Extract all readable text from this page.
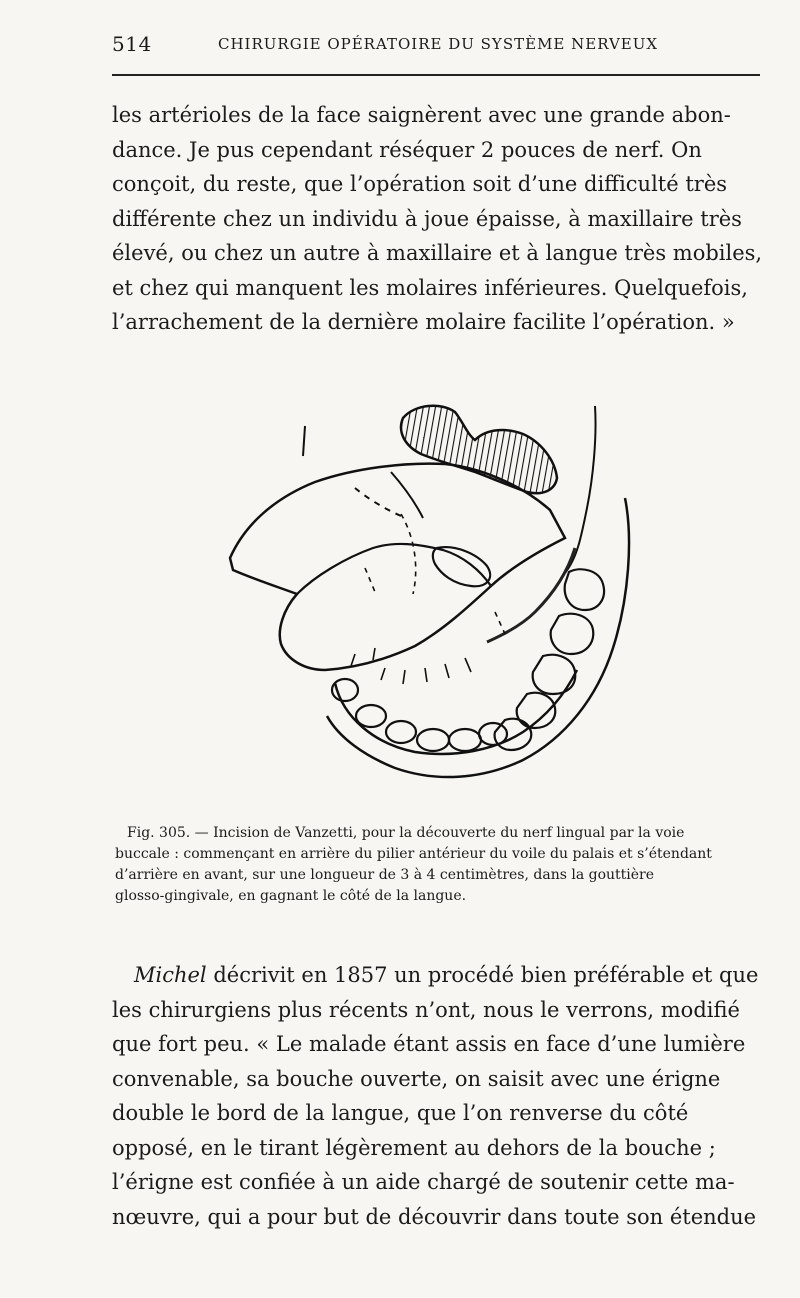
514	CHIRURGIE OPÉRATOIRE DU SYSTÈME NERVEUX
les artérioles de la face saignèrent avec une grande abon-
dance. Je pus cependant réséquer 2 pouces de nerf. On
conçoit, du reste, que l’opération soit d’une difficulté très
différente chez un individu à joue épaisse, à maxillaire très
élevé, ou chez un autre à maxillaire et à langue très mobiles,
et chez qui manquent les molaires inférieures. Quelquefois,
l’arrachement de la dernière molaire facilite l’opération. »
Fig. 305. — Incision de Vanzetti, pour la découverte du nerf lingual par la voie
buccale : commençant en arrière du pilier antérieur du voile du palais et s’étendant
d’arrière en avant, sur une longueur de 3 à 4 centimètres, dans la gouttière
glosso-gingivale, en gagnant le côté de la langue.
Michel décrivit en 1857 un procédé bien préférable et que
les chirurgiens plus récents n’ont, nous le verrons, modifié
que fort peu. « Le malade étant assis en face d’une lumière
convenable, sa bouche ouverte, on saisit avec une érigne
double le bord de la langue, que l’on renverse du côté
opposé, en le tirant légèrement au dehors de la bouche ;
l’érigne est confiée à un aide chargé de soutenir cette ma-
nœuvre, qui a pour but de découvrir dans toute son étendue
